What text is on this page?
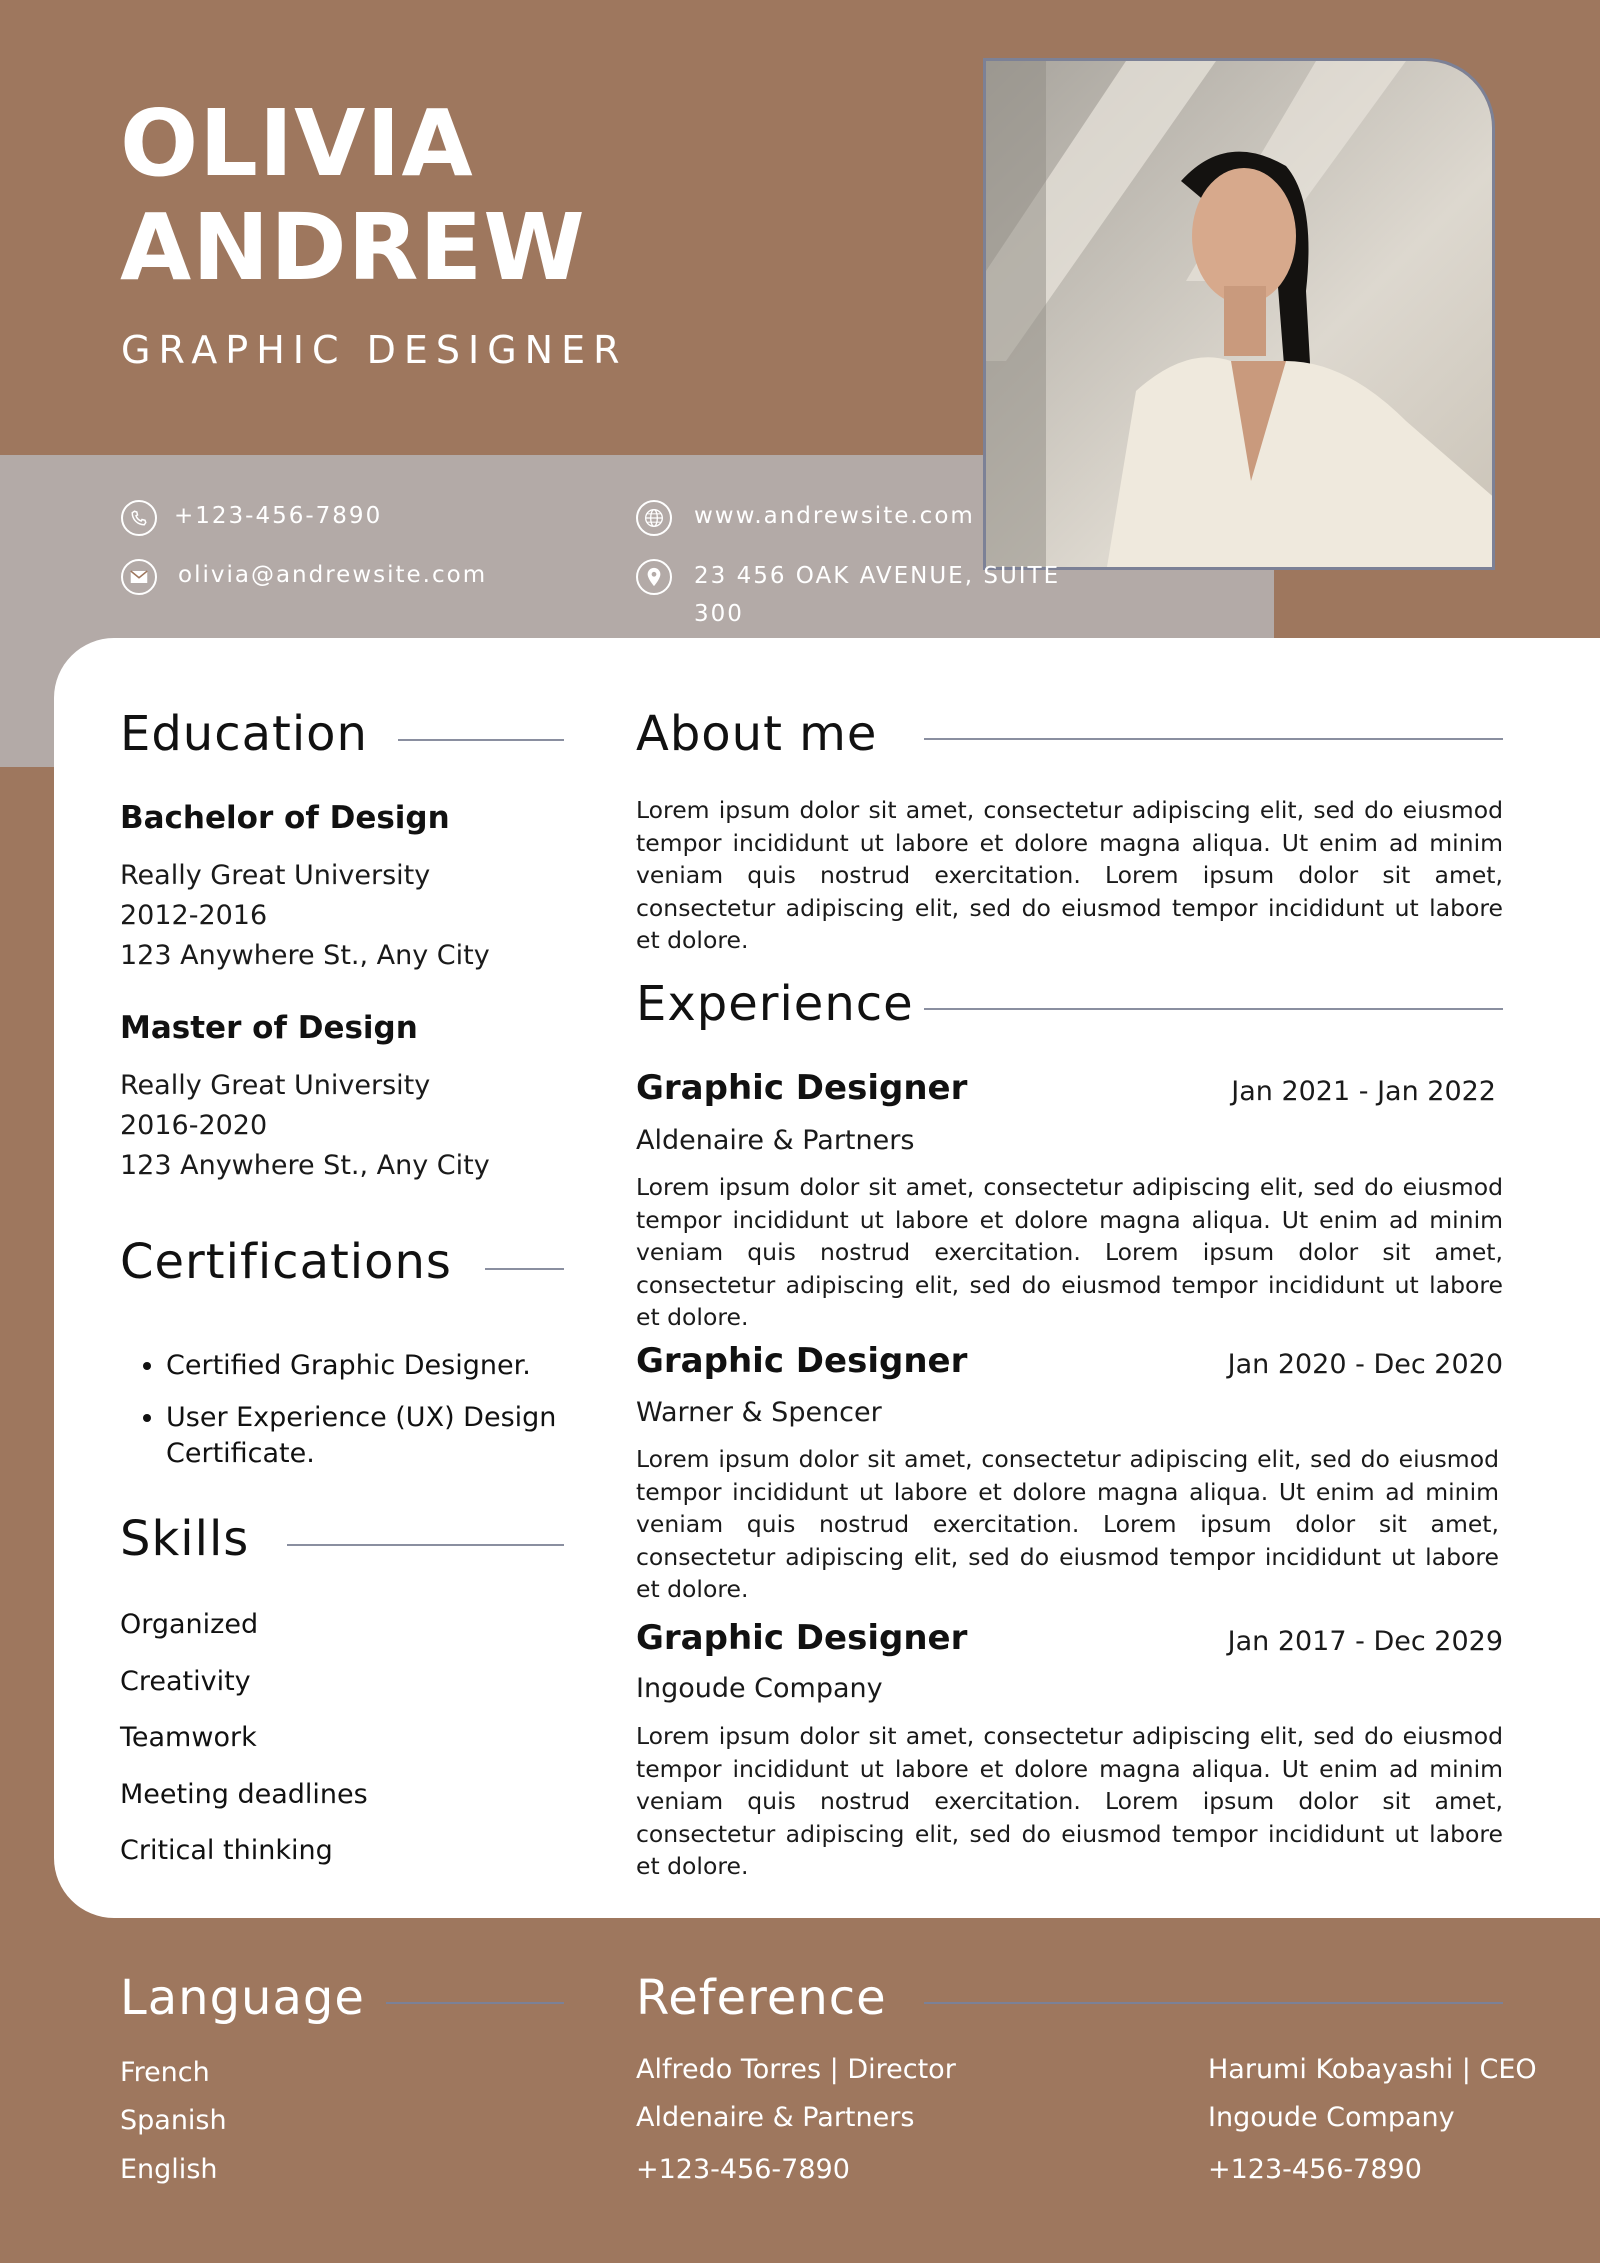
OLIVIA
ANDREW
GRAPHIC DESIGNER
+123-456-7890
olivia@andrewsite.com
www.andrewsite.com
23 456 OAK AVENUE, SUITE
300
Education
Bachelor of Design
Really Great University
2012-2016
123 Anywhere St., Any City
Master of Design
Really Great University
2016-2020
123 Anywhere St., Any City
Certifications
• Certified Graphic Designer.
• User Experience (UX) Design Certificate.
Skills
Organized
Creativity
Teamwork
Meeting deadlines
Critical thinking
About me
Lorem ipsum dolor sit amet, consectetur adipiscing elit, sed do eiusmod tempor incididunt ut labore et dolore magna aliqua. Ut enim ad minim veniam quis nostrud exercitation. Lorem ipsum dolor sit amet, consectetur adipiscing elit, sed do eiusmod tempor incididunt ut labore et dolore.
Experience
Graphic Designer	Jan 2021 - Jan 2022
Aldenaire & Partners
Lorem ipsum dolor sit amet, consectetur adipiscing elit, sed do eiusmod tempor incididunt ut labore et dolore magna aliqua. Ut enim ad minim veniam quis nostrud exercitation. Lorem ipsum dolor sit amet, consectetur adipiscing elit, sed do eiusmod tempor incididunt ut labore et dolore.
Graphic Designer	Jan 2020 - Dec 2020
Warner & Spencer
Lorem ipsum dolor sit amet, consectetur adipiscing elit, sed do eiusmod tempor incididunt ut labore et dolore magna aliqua. Ut enim ad minim veniam quis nostrud exercitation. Lorem ipsum dolor sit amet, consectetur adipiscing elit, sed do eiusmod tempor incididunt ut labore et dolore.
Graphic Designer	Jan 2017 - Dec 2029
Ingoude Company
Lorem ipsum dolor sit amet, consectetur adipiscing elit, sed do eiusmod tempor incididunt ut labore et dolore magna aliqua. Ut enim ad minim veniam quis nostrud exercitation. Lorem ipsum dolor sit amet, consectetur adipiscing elit, sed do eiusmod tempor incididunt ut labore et dolore.
Language
French
Spanish
English
Reference
Alfredo Torres | Director
Aldenaire & Partners
+123-456-7890
Harumi Kobayashi | CEO
Ingoude Company
+123-456-7890
